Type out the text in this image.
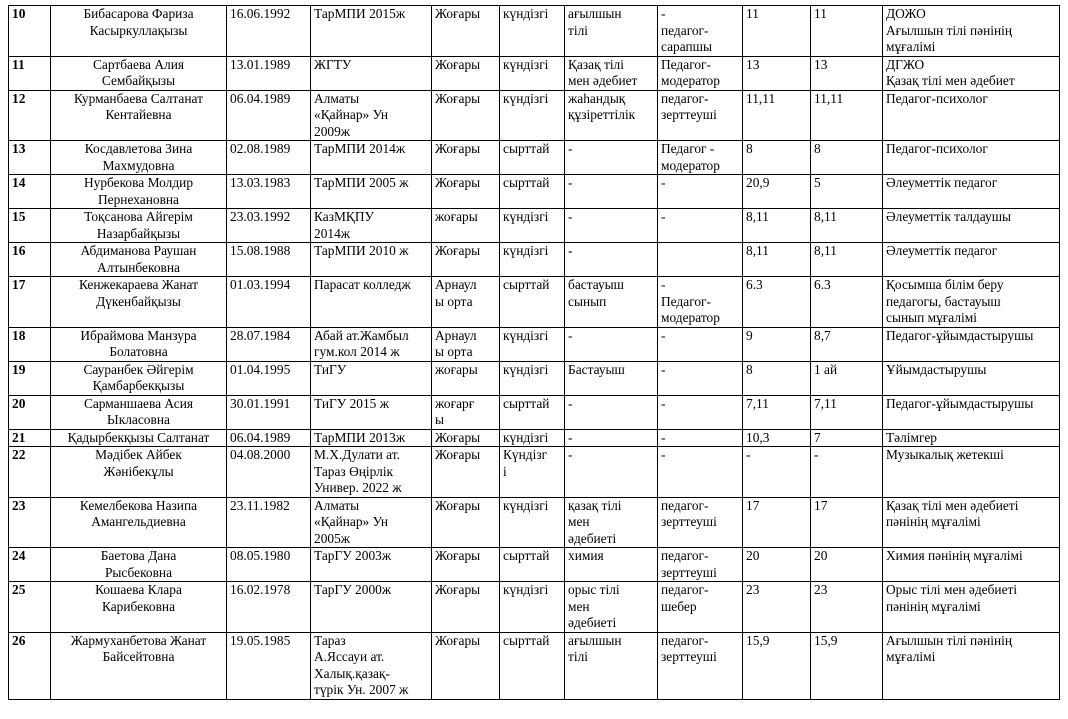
10	Бибасарова Фариза
Касыркуллақызы	16.06.1992	ТарМПИ 2015ж	Жоғары	күндізгі	ағылшын
тілі	-
педагог-
сарапшы	11	11	ДОЖО
Ағылшын тілі пәнінің
мұғалімі

11	Сартбаева Алия
Сембайқызы	13.01.1989	ЖГТУ	Жоғары	күндізгі	Қазақ тілі
мен әдебиет	Педагог-
модератор	13	13	ДГЖО
Қазақ тілі мен әдебиет

12	Курманбаева Салтанат
Кентайевна	06.04.1989	Алматы
«Қайнар» Ун
2009ж	Жоғары	күндізгі	жаһандық
құзіреттілік	педагог-
зерттеуші	11,11	11,11	Педагог-психолог

13	Косдавлетова Зина
Махмудовна	02.08.1989	ТарМПИ 2014ж	Жоғары	сырттай	-	Педагог -
модератор	8	8	Педагог-психолог

14	Нурбекова Молдир
Пернехановна	13.03.1983	ТарМПИ 2005 ж	Жоғары	сырттай	-	-	20,9	5	Әлеуметтік педагог

15	Тоқсанова Айгерім
Назарбайқызы	23.03.1992	КазМҚПУ
2014ж	жоғары	күндізгі	-	-	8,11	8,11	Әлеуметтік талдаушы

16	Абдиманова Раушан
Алтынбековна	15.08.1988	ТарМПИ 2010 ж	Жоғары	күндізгі	-		8,11	8,11	Әлеуметтік педагог

17	Кенжекараева Жанат
Дүкенбайқызы	01.03.1994	Парасат колледж	Арнаул
ы орта	сырттай	бастауыш
сынып	-
Педагог-
модератор	6.3	6.3	Қосымша білім беру
педагогы, бастауыш
сынып мұғалімі

18	Ибраймова Манзура
Болатовна	28.07.1984	Абай ат.Жамбыл
гум.кол 2014 ж	Арнаул
ы орта	күндізгі	-	-	9	8,7	Педагог-ұйымдастырушы

19	Сауранбек Әйгерім
Қамбарбекқызы	01.04.1995	ТиГУ	жоғары	күндізгі	Бастауыш	-	8	1 ай	Ұйымдастырушы

20	Сарманшаева Асия
Ыкласовна	30.01.1991	ТиГУ 2015 ж	жоғарғ
ы	сырттай	-	-	7,11	7,11	Педагог-ұйымдастырушы

21	Қадырбекқызы Салтанат	06.04.1989	ТарМПИ 2013ж	Жоғары	күндізгі	-	-	10,3	7	Тәлімгер

22	Мәдібек Айбек
Жәнібекұлы	04.08.2000	М.Х.Дулати ат.
Тараз Өңірлік
Универ. 2022 ж	Жоғары	Күндізг
і	-	-	-	-	Музыкалық жетекші

23	Кемелбекова Назипа
Амангельдиевна	23.11.1982	Алматы
«Қайнар» Ун
2005ж	Жоғары	күндізгі	қазақ тілі
мен
әдебиеті	педагог-
зерттеуші	17	17	Қазақ тілі мен әдебиеті
пәнінің мұғалімі

24	Баетова Дана
Рысбековна	08.05.1980	ТарГУ 2003ж	Жоғары	сырттай	химия	педагог-
зерттеуші	20	20	Химия пәнінің мұғалімі

25	Кошаева Клара
Карибековна	16.02.1978	ТарГУ 2000ж	Жоғары	күндізгі	орыс тілі
мен
әдебиеті	педагог-
шебер	23	23	Орыс тілі мен әдебиеті
пәнінің мұғалімі

26	Жармуханбетова Жанат
Байсейтовна	19.05.1985	Тараз
А.Яссауи ат.
Халық.қазақ-
түрік Ун. 2007 ж	Жоғары	сырттай	ағылшын
тілі	педагог-
зерттеуші	15,9	15,9	Ағылшын тілі пәнінің
мұғалімі
